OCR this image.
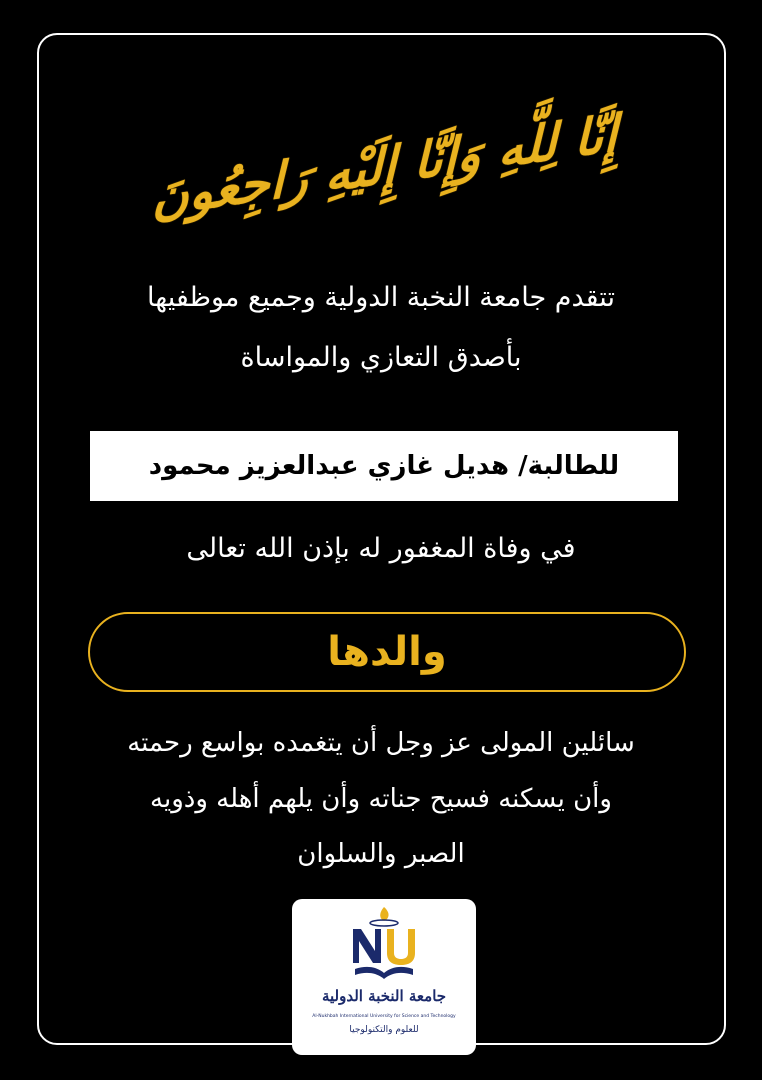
إِنَّا لِلَّهِ وَإِنَّا إِلَيْهِ رَاجِعُونَ
تتقدم جامعة النخبة الدولية وجميع موظفيها
بأصدق التعازي والمواساة
للطالبة/ هديل غازي عبدالعزيز محمود
في وفاة المغفور له بإذن الله تعالى
والدها
سائلين المولى عز وجل أن يتغمده بواسع رحمته
وأن يسكنه فسيح جناته وأن يلهم أهله وذويه
الصبر والسلوان
جامعة النخبة الدولية
Al-Nukhbah International University for Science and Technology
للعلوم والتكنولوجيا
